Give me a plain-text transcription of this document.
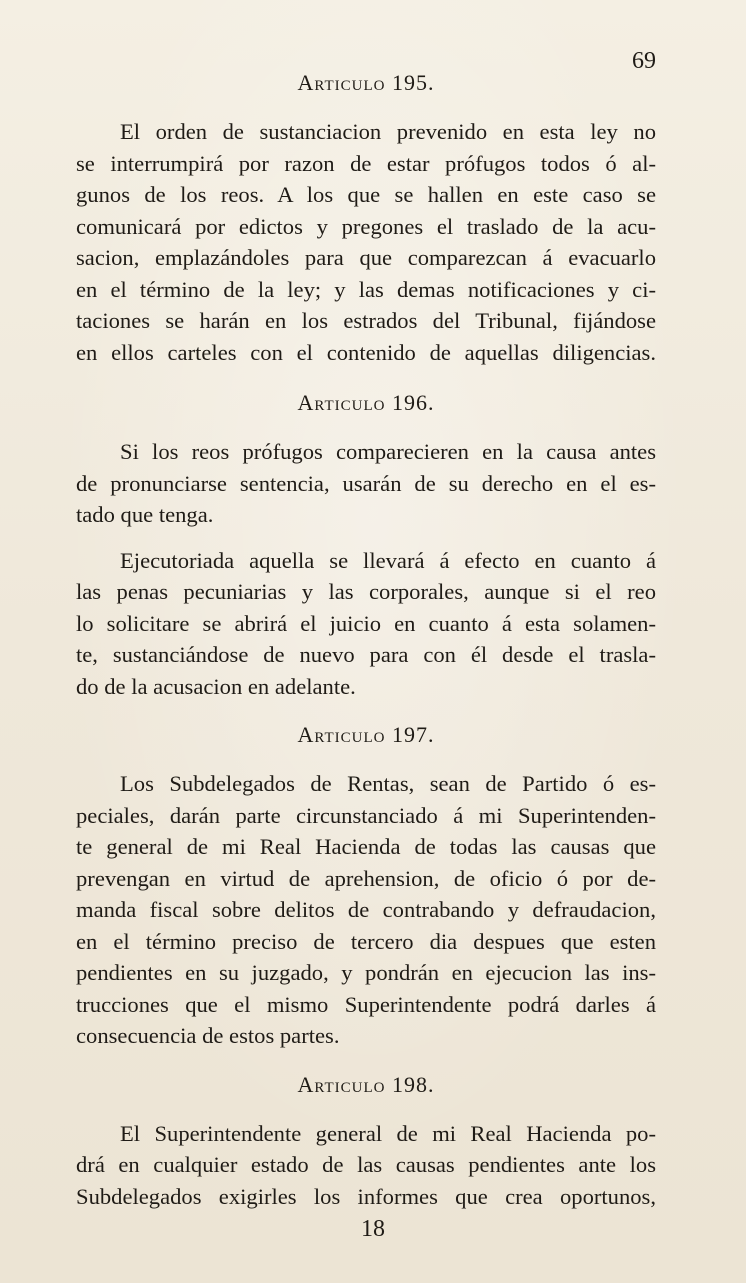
69
Articulo 195.
El orden de sustanciacion prevenido en esta ley no
se interrumpirá por razon de estar prófugos todos ó al-
gunos de los reos. A los que se hallen en este caso se
comunicará por edictos y pregones el traslado de la acu-
sacion, emplazándoles para que comparezcan á evacuarlo
en el término de la ley; y las demas notificaciones y ci-
taciones se harán en los estrados del Tribunal, fijándose
en ellos carteles con el contenido de aquellas diligencias.
Articulo 196.
Si los reos prófugos comparecieren en la causa antes
de pronunciarse sentencia, usarán de su derecho en el es-
tado que tenga.
Ejecutoriada aquella se llevará á efecto en cuanto á
las penas pecuniarias y las corporales, aunque si el reo
lo solicitare se abrirá el juicio en cuanto á esta solamen-
te, sustanciándose de nuevo para con él desde el trasla-
do de la acusacion en adelante.
Articulo 197.
Los Subdelegados de Rentas, sean de Partido ó es-
peciales, darán parte circunstanciado á mi Superintenden-
te general de mi Real Hacienda de todas las causas que
prevengan en virtud de aprehension, de oficio ó por de-
manda fiscal sobre delitos de contrabando y defraudacion,
en el término preciso de tercero dia despues que esten
pendientes en su juzgado, y pondrán en ejecucion las ins-
trucciones que el mismo Superintendente podrá darles á
consecuencia de estos partes.
Articulo 198.
El Superintendente general de mi Real Hacienda po-
drá en cualquier estado de las causas pendientes ante los
Subdelegados exigirles los informes que crea oportunos,
18
